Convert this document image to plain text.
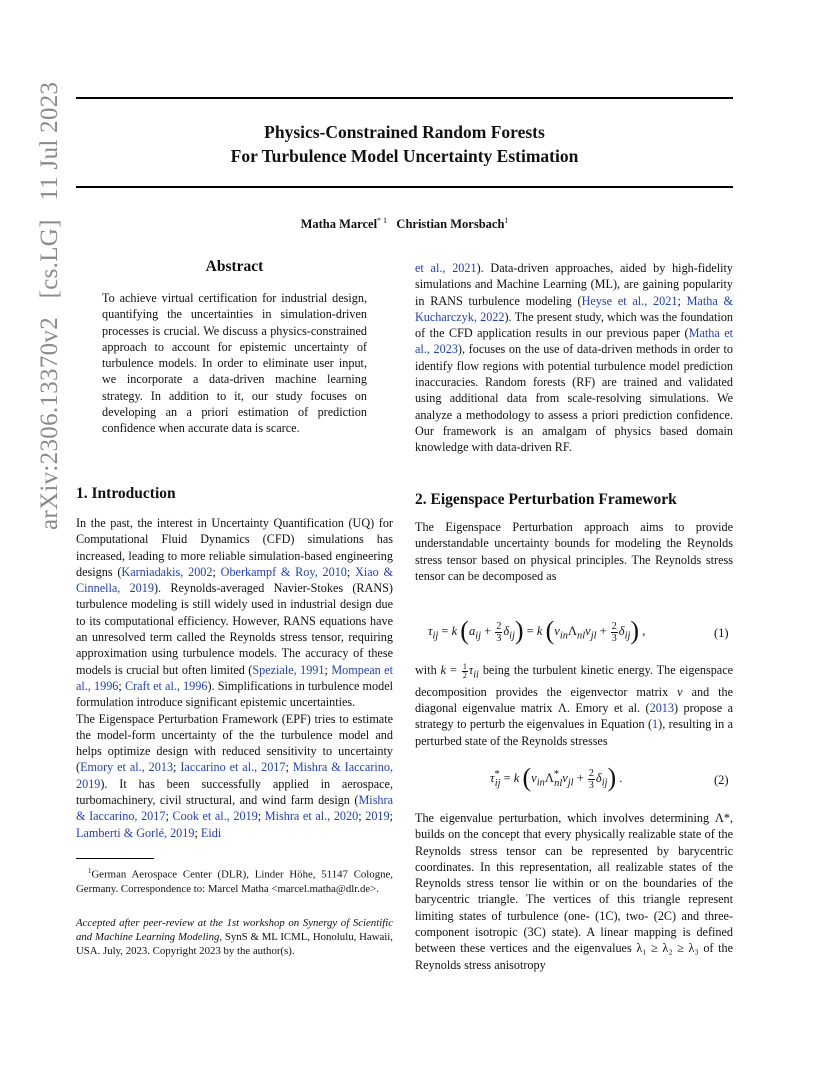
arXiv:2306.13370v2 [cs.LG] 11 Jul 2023	Physics-Constrained Random Forests
For Turbulence Model Uncertainty Estimation
Matha Marcel$^{* 1}$ Christian Morsbach$^1$
Abstract

To achieve virtual certification for industrial design, quantifying the uncertainties in simulation-driven processes is crucial. We discuss a physics-constrained approach to account for epistemic uncertainty of turbulence models. In order to eliminate user input, we incorporate a data-driven machine learning strategy. In addition to it, our study focuses on developing an a priori estimation of prediction confidence when accurate data is scarce.

1. Introduction

In the past, the interest in Uncertainty Quantification (UQ) for Computational Fluid Dynamics (CFD) simulations has increased, leading to more reliable simulation-based engineering designs (Karniadakis, 2002; Oberkampf & Roy, 2010; Xiao & Cinnella, 2019). Reynolds-averaged Navier-Stokes (RANS) turbulence modeling is still widely used in industrial design due to its computational efficiency. However, RANS equations have an unresolved term called the Reynolds stress tensor, requiring approximation using turbulence models. The accuracy of these models is crucial but often limited (Speziale, 1991; Mompean et al., 1996; Craft et al., 1996). Simplifications in turbulence model formulation introduce significant epistemic uncertainties.

The Eigenspace Perturbation Framework (EPF) tries to estimate the model-form uncertainty of the the turbulence model and helps optimize design with reduced sensitivity to uncertainty (Emory et al., 2013; Iaccarino et al., 2017; Mishra & Iaccarino, 2019). It has been successfully applied in aerospace, turbomachinery, civil structural, and wind farm design (Mishra & Iaccarino, 2017; Cook et al., 2019; Mishra et al., 2020; 2019; Lamberti & Gorlé, 2019; Eidi

$^1$German Aerospace Center (DLR), Linder Höhe, 51147 Cologne, Germany. Correspondence to: Marcel Matha <marcel.matha@dlr.de>.
Accepted after peer-review at the 1st workshop on Synergy of Scientific and Machine Learning Modeling, SynS & ML ICML, Honolulu, Hawaii, USA. July, 2023. Copyright 2023 by the author(s).

et al., 2021). Data-driven approaches, aided by high-fidelity simulations and Machine Learning (ML), are gaining popularity in RANS turbulence modeling (Heyse et al., 2021; Matha & Kucharczyk, 2022). The present study, which was the foundation of the CFD application results in our previous paper (Matha et al., 2023), focuses on the use of data-driven methods in order to identify flow regions with potential turbulence model prediction inaccuracies. Random forests (RF) are trained and validated using additional data from scale-resolving simulations. We analyze a methodology to assess a priori prediction confidence. Our framework is an amalgam of physics based domain knowledge with data-driven RF.

2. Eigenspace Perturbation Framework

The Eigenspace Perturbation approach aims to provide understandable uncertainty bounds for modeling the Reynolds stress tensor based on physical principles. The Reynolds stress tensor can be decomposed as

$\tau_{ij} = k$ $(a_{ij} + \frac{2}{3} \delta_{ij}) = k$ $(v_{in}\Lambda_{nl}v_{jl} + \frac{2}{3} \delta_{ij})$ ,	(1)

with $k = \frac{1}{2} \tau_{ii}$ being the turbulent kinetic energy. The eigenspace decomposition provides the eigenvector matrix v and the diagonal eigenvalue matrix Λ. Emory et al. (2013) propose a strategy to perturb the eigenvalues in Equation (1), resulting in a perturbed state of the Reynolds stresses

$\tau^*_{ij} = k$ $(v_{in}\Lambda^*_{nl}v_{jl} + \frac{2}{3} \delta_{ij})$ .	(2)

The eigenvalue perturbation, which involves determining Λ*, builds on the concept that every physically realizable state of the Reynolds stress tensor can be represented by barycentric coordinates. In this representation, all realizable states of the Reynolds stress tensor lie within or on the boundaries of the barycentric triangle. The vertices of this triangle represent limiting states of turbulence (one- (1C), two- (2C) and three-component isotropic (3C) state). A linear mapping is defined between these vertices and the eigenvalues λ₁ ≥ λ₂ ≥ λ₃ of the Reynolds stress anisotropy
